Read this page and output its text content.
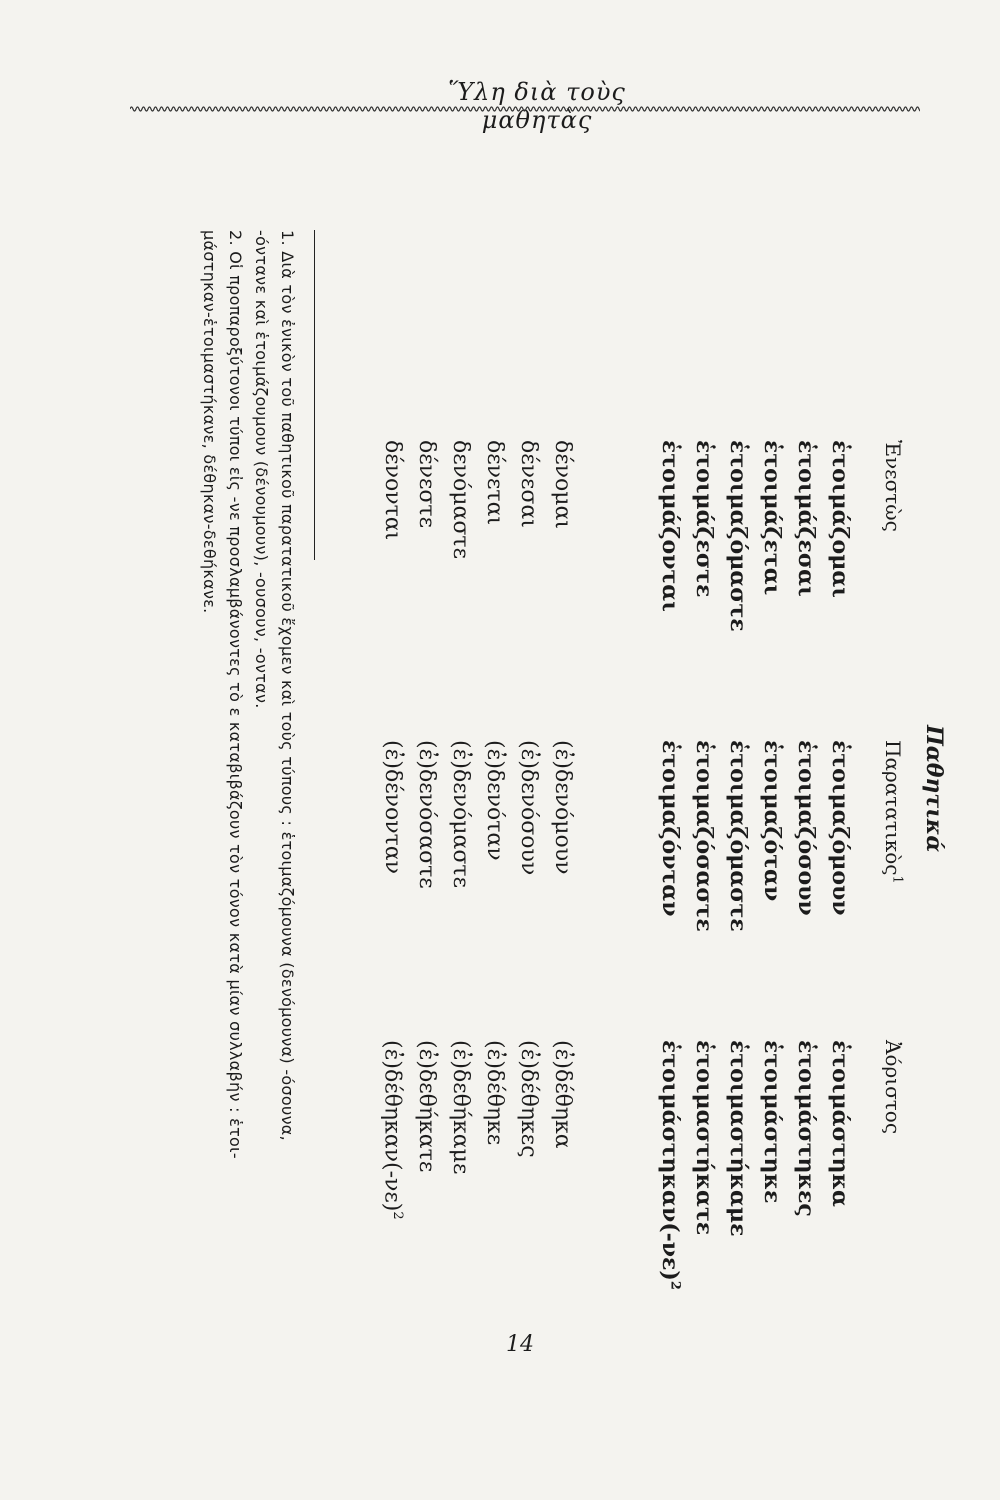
Ὕλη διὰ τοὺς μαθητὰς
Παθητικά
Ἐνεστὼς
Παρατατικὸς$^1$
Ἀόριστος
ἑτοιμάζομαι
ἑτοιμαζόμουν
ἑτοιμάστηκα
ἑτοιμάζεσαι
ἑτοιμαζόσουν
ἑτοιμάστηκες
ἑτοιμάζεται
ἑτοιμαζόταν
ἑτοιμάστηκε
ἑτοιμαζόμαστε
ἑτοιμαζόμαστε
ἑτοιμαστήκαμε
ἑτοιμάζεστε
ἑτοιμαζόσαστε
ἑτοιμαστήκατε
ἑτοιμάζονται
ἑτοιμαζόνταν
$ἑ\tau o\iota\mu ά\sigma\tau\eta\kappa\alpha\nu(-\nu\varepsilon)^2$
δένομαι
(ἐ)δενόμουν
(ἐ)δέθηκα
δένεσαι
(ἐ)δενόσουν
(ἐ)δέθηκες
δένεται
(ἐ)δενόταν
(ἐ)δέθηκε
δενόμαστε
(ἐ)δενόμαστε
(ἐ)δεθήκαμε
δένεστε
(ἐ)δενόσαστε
(ἐ)δεθήκατε
δένονται
(ἐ)δένονταν
$(ἐ)\delta έ\theta\eta\kappa\alpha\nu(-\nu\varepsilon)^2$
1. Διὰ τὸν ἐνικὸν τοῦ παθητικοῦ παρατατικοῦ ἔχομεν καὶ τοὺς τύπους : ἑτοιμαζόμουνα (δενόμουνα) -όσουνα,
-όντανε καὶ ἑτοιμάζουμουν (δένουμουν), -ουσουν, -ονταν.
2. Οἱ προπαροξύτονοι τύποι εἰς -νε προσλαμβάνοντες τὸ ε καταβιβάζουν τὸν τόνον κατὰ μίαν συλλαβήν : ἑτοι-
μάστηκαν-ἑτοιμαστήκανε, δέθηκαν-δεθήκανε.
14
